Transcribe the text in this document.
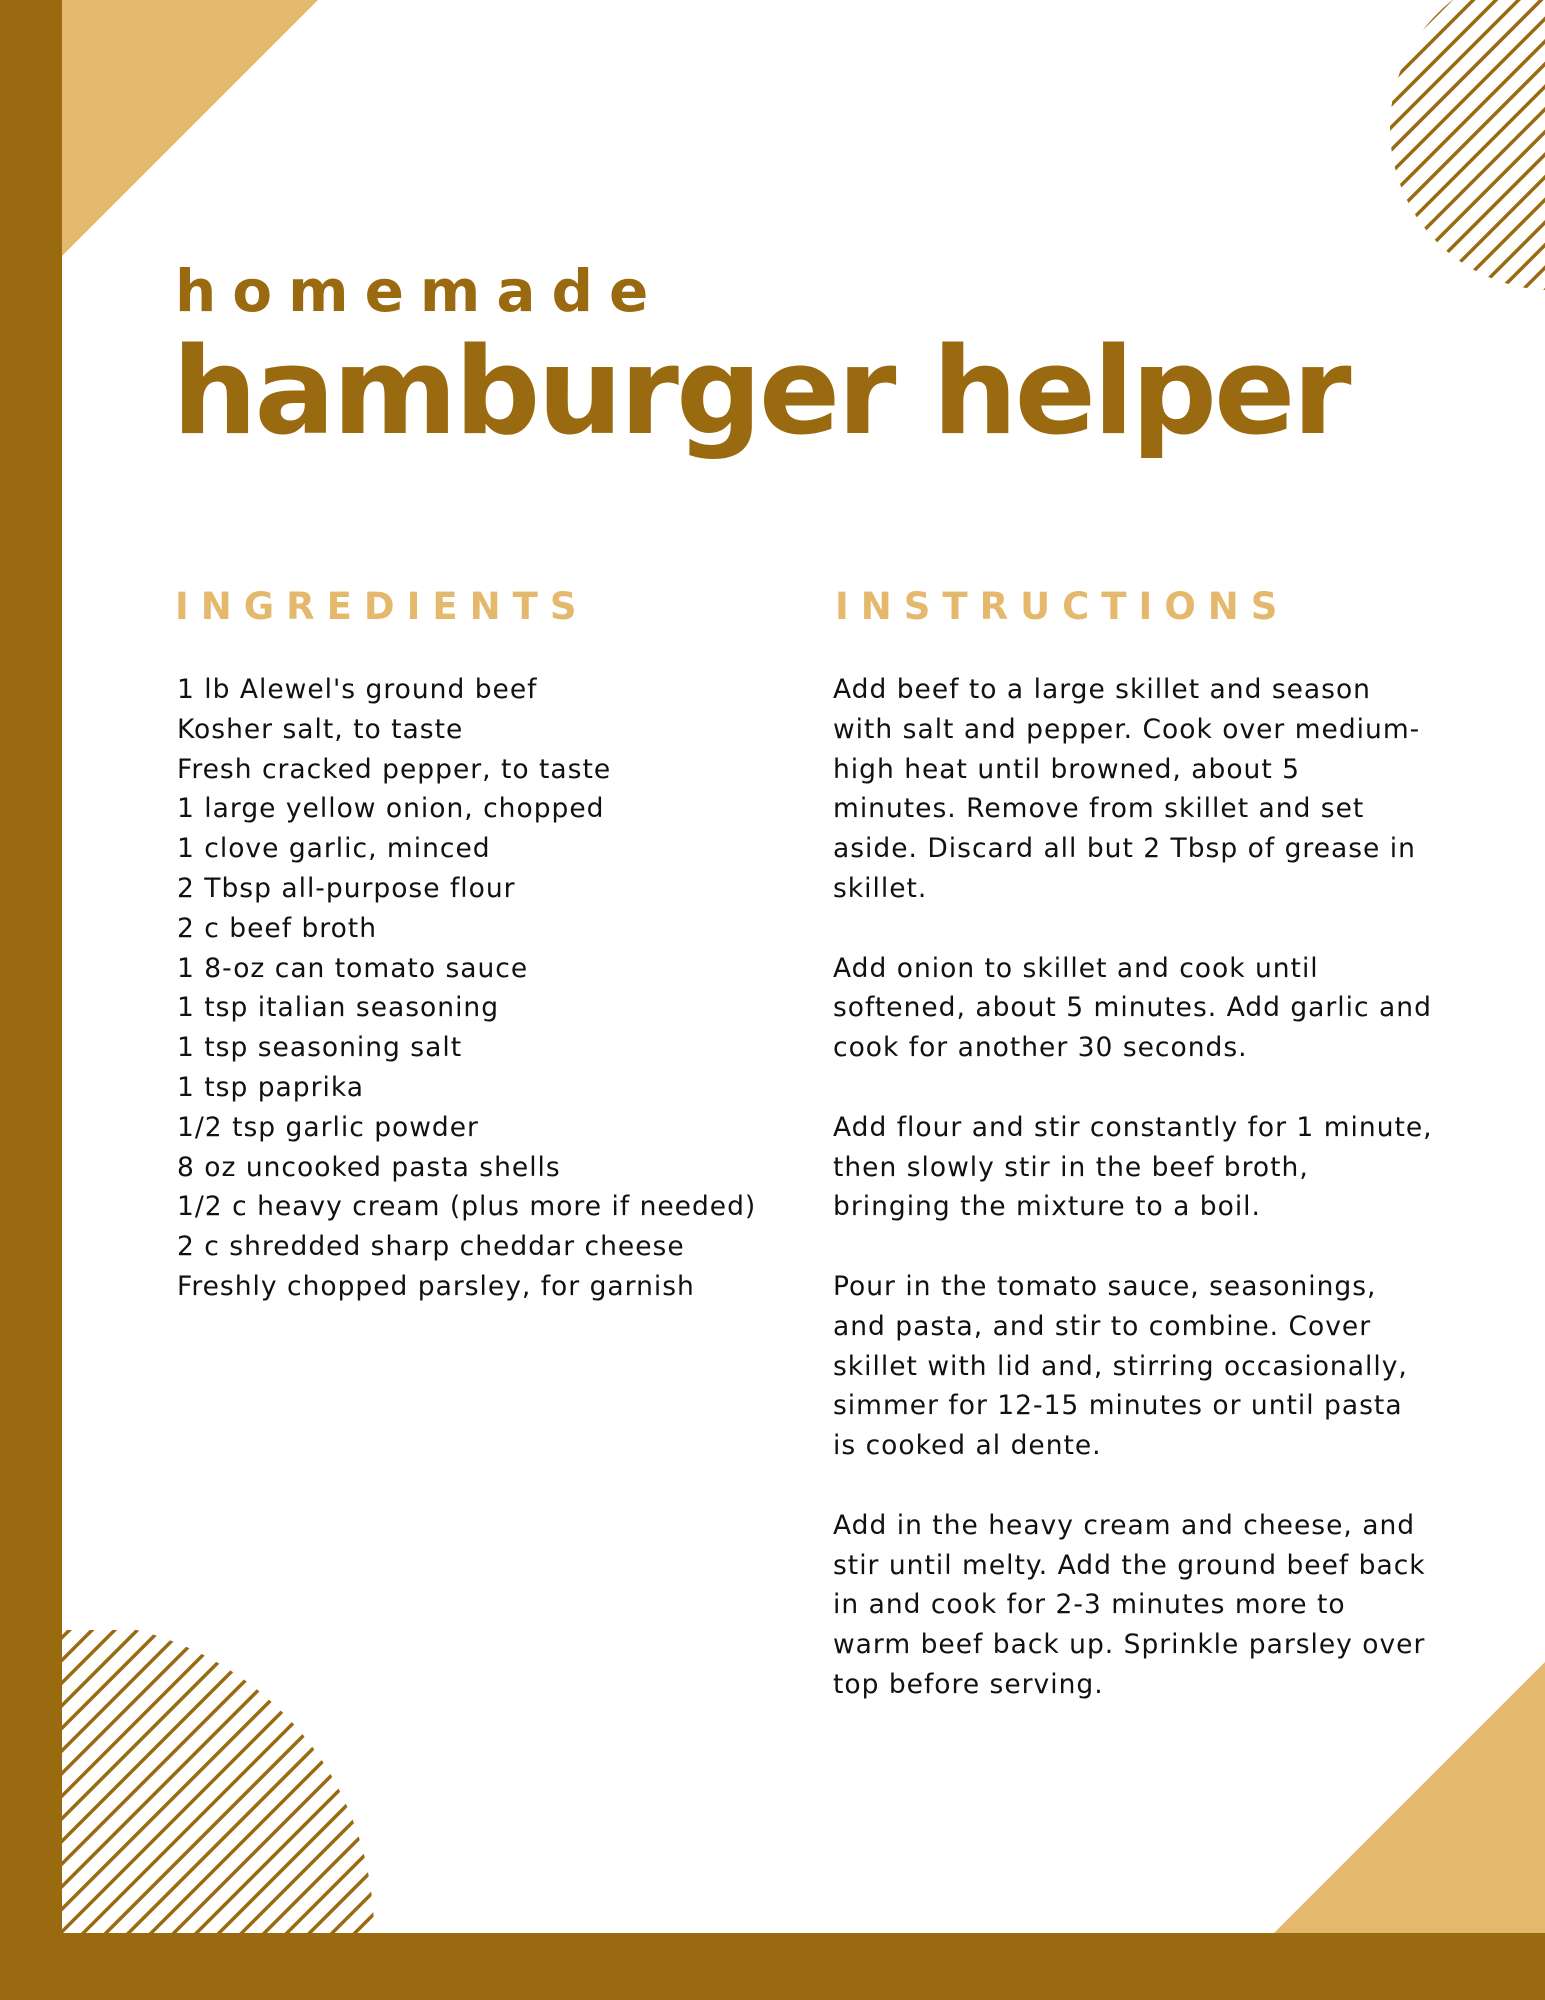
homemade
hamburger helper
INGREDIENTS	INSTRUCTIONS
1 lb Alewel's ground beef
Kosher salt, to taste
Fresh cracked pepper, to taste
1 large yellow onion, chopped
1 clove garlic, minced
2 Tbsp all-purpose flour
2 c beef broth
1 8-oz can tomato sauce
1 tsp italian seasoning
1 tsp seasoning salt
1 tsp paprika
1/2 tsp garlic powder
8 oz uncooked pasta shells
1/2 c heavy cream (plus more if needed)
2 c shredded sharp cheddar cheese
Freshly chopped parsley, for garnish

Add beef to a large skillet and season with salt and pepper. Cook over medium-high heat until browned, about 5 minutes. Remove from skillet and set aside. Discard all but 2 Tbsp of grease in skillet.

Add onion to skillet and cook until softened, about 5 minutes. Add garlic and cook for another 30 seconds.

Add flour and stir constantly for 1 minute, then slowly stir in the beef broth, bringing the mixture to a boil.

Pour in the tomato sauce, seasonings, and pasta, and stir to combine. Cover skillet with lid and, stirring occasionally, simmer for 12-15 minutes or until pasta is cooked al dente.

Add in the heavy cream and cheese, and stir until melty. Add the ground beef back in and cook for 2-3 minutes more to warm beef back up. Sprinkle parsley over top before serving.
